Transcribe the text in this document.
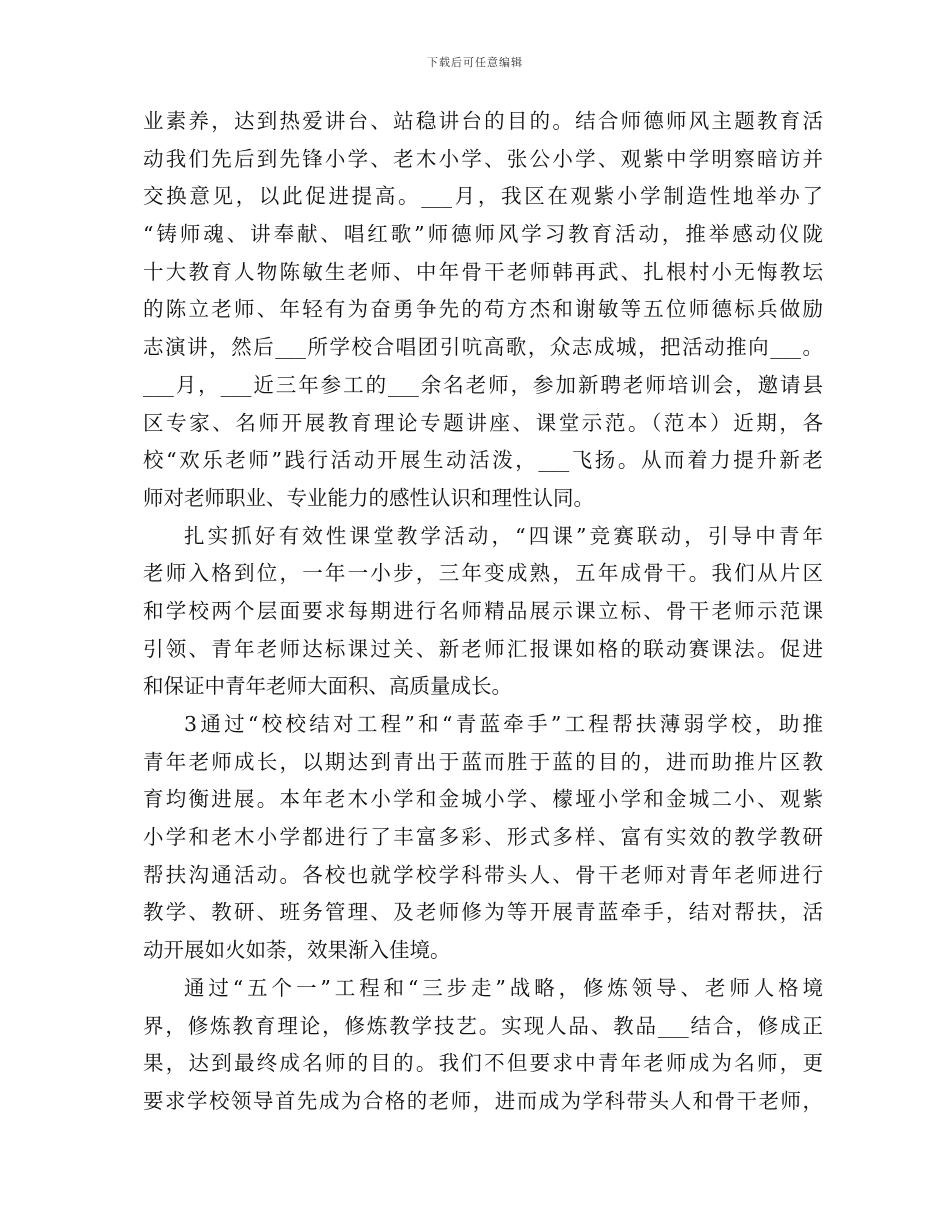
下载后可任意编辑
业素养，达到热爱讲台、站稳讲台的目的。结合师德师风主题教育活
动我们先后到先锋小学、老木小学、张公小学、观紫中学明察暗访并
交换意见，以此促进提高。___月，我区在观紫小学制造性地举办了
“铸师魂、讲奉献、唱红歌”师德师风学习教育活动，推举感动仪陇
十大教育人物陈敏生老师、中年骨干老师韩再武、扎根村小无悔教坛
的陈立老师、年轻有为奋勇争先的苟方杰和谢敏等五位师德标兵做励
志演讲，然后___所学校合唱团引吭高歌，众志成城，把活动推向___。
___月，___近三年参工的___余名老师，参加新聘老师培训会，邀请县
区专家、名师开展教育理论专题讲座、课堂示范。（范本）近期，各
校“欢乐老师”践行活动开展生动活泼，___飞扬。从而着力提升新老
师对老师职业、专业能力的感性认识和理性认同。
扎实抓好有效性课堂教学活动，“四课”竞赛联动，引导中青年
老师入格到位，一年一小步，三年变成熟，五年成骨干。我们从片区
和学校两个层面要求每期进行名师精品展示课立标、骨干老师示范课
引领、青年老师达标课过关、新老师汇报课如格的联动赛课法。促进
和保证中青年老师大面积、高质量成长。
3通过“校校结对工程”和“青蓝牵手”工程帮扶薄弱学校，助推
青年老师成长，以期达到青出于蓝而胜于蓝的目的，进而助推片区教
育均衡进展。本年老木小学和金城小学、檬垭小学和金城二小、观紫
小学和老木小学都进行了丰富多彩、形式多样、富有实效的教学教研
帮扶沟通活动。各校也就学校学科带头人、骨干老师对青年老师进行
教学、教研、班务管理、及老师修为等开展青蓝牵手，结对帮扶，活
动开展如火如荼，效果渐入佳境。
通过“五个一”工程和“三步走”战略，修炼领导、老师人格境
界，修炼教育理论，修炼教学技艺。实现人品、教品___结合，修成正
果，达到最终成名师的目的。我们不但要求中青年老师成为名师，更
要求学校领导首先成为合格的老师，进而成为学科带头人和骨干老师，
